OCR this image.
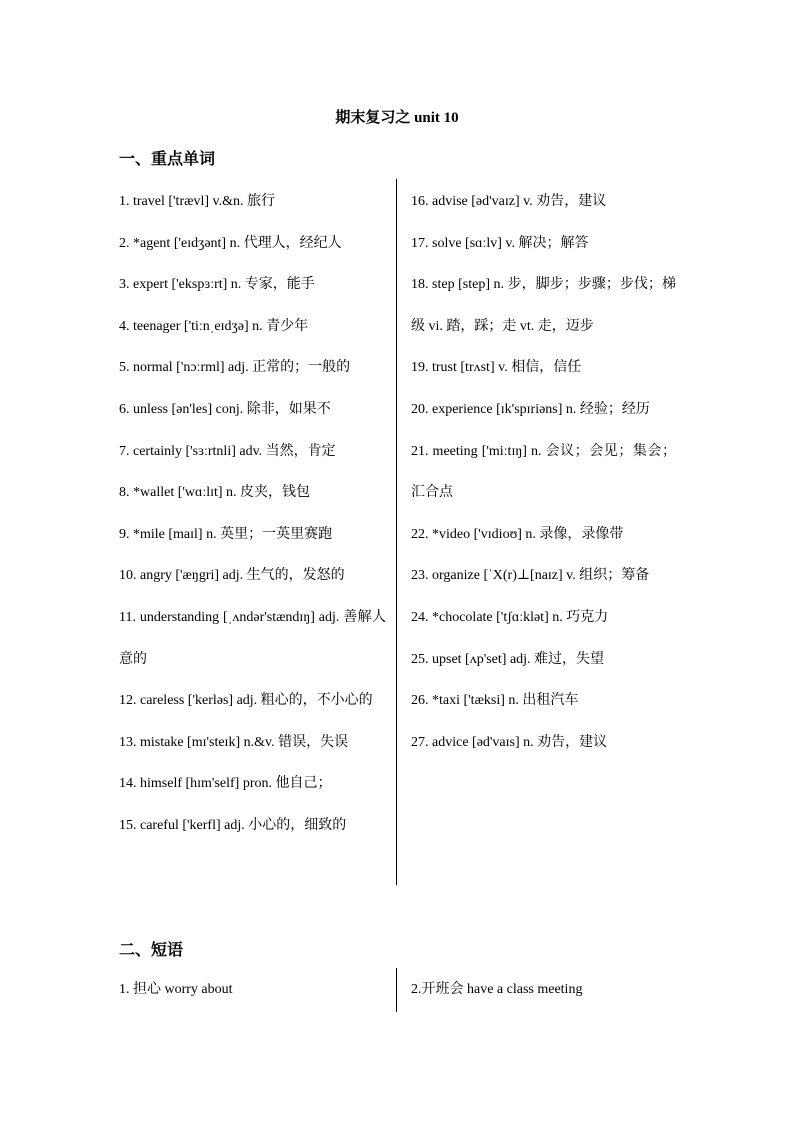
期末复习之 unit 10
一、重点单词
1. travel ['trævl] v.&n. 旅行
2. *agent ['eɪdʒənt] n. 代理人，经纪人
3. expert ['ekspɜːrt] n. 专家，能手
4. teenager ['tiːnˌeɪdʒə] n. 青少年
5. normal ['nɔːrml] adj. 正常的；一般的
6. unless [ən'les] conj. 除非，如果不
7. certainly ['sɜːrtnli] adv. 当然，肯定
8. *wallet ['wɑːlɪt] n. 皮夹，钱包
9. *mile [maɪl] n. 英里；一英里赛跑
10. angry ['æŋgri] adj. 生气的，发怒的
11. understanding [ˌʌndər'stændɪŋ] adj. 善解人意的
12. careless ['kerləs] adj. 粗心的，不小心的
13. mistake [mɪ'steɪk] n.&v. 错误，失误
14. himself [hɪm'self] pron. 他自己；
15. careful ['kerfl] adj. 小心的，细致的
16. advise [əd'vaɪz] v. 劝告，建议
17. solve [sɑːlv] v. 解决；解答
18. step [step] n. 步，脚步；步骤；步伐；梯级 vi. 踏，踩；走 vt. 走，迈步
19. trust [trʌst] v. 相信，信任
20. experience [ɪk'spɪriəns] n. 经验；经历
21. meeting ['miːtɪŋ] n. 会议；会见；集会；汇合点
22. *video ['vɪdioʊ] n. 录像，录像带
23. organize [ˈX(r)⊥[naɪz] v. 组织；筹备
24. *chocolate ['tʃɑːklət] n. 巧克力
25. upset [ʌp'set] adj. 难过，失望
26. *taxi ['tæksi] n. 出租汽车
27. advice [əd'vaɪs] n. 劝告，建议
二、短语
1. 担心 worry about	2.开班会 have a class meeting
